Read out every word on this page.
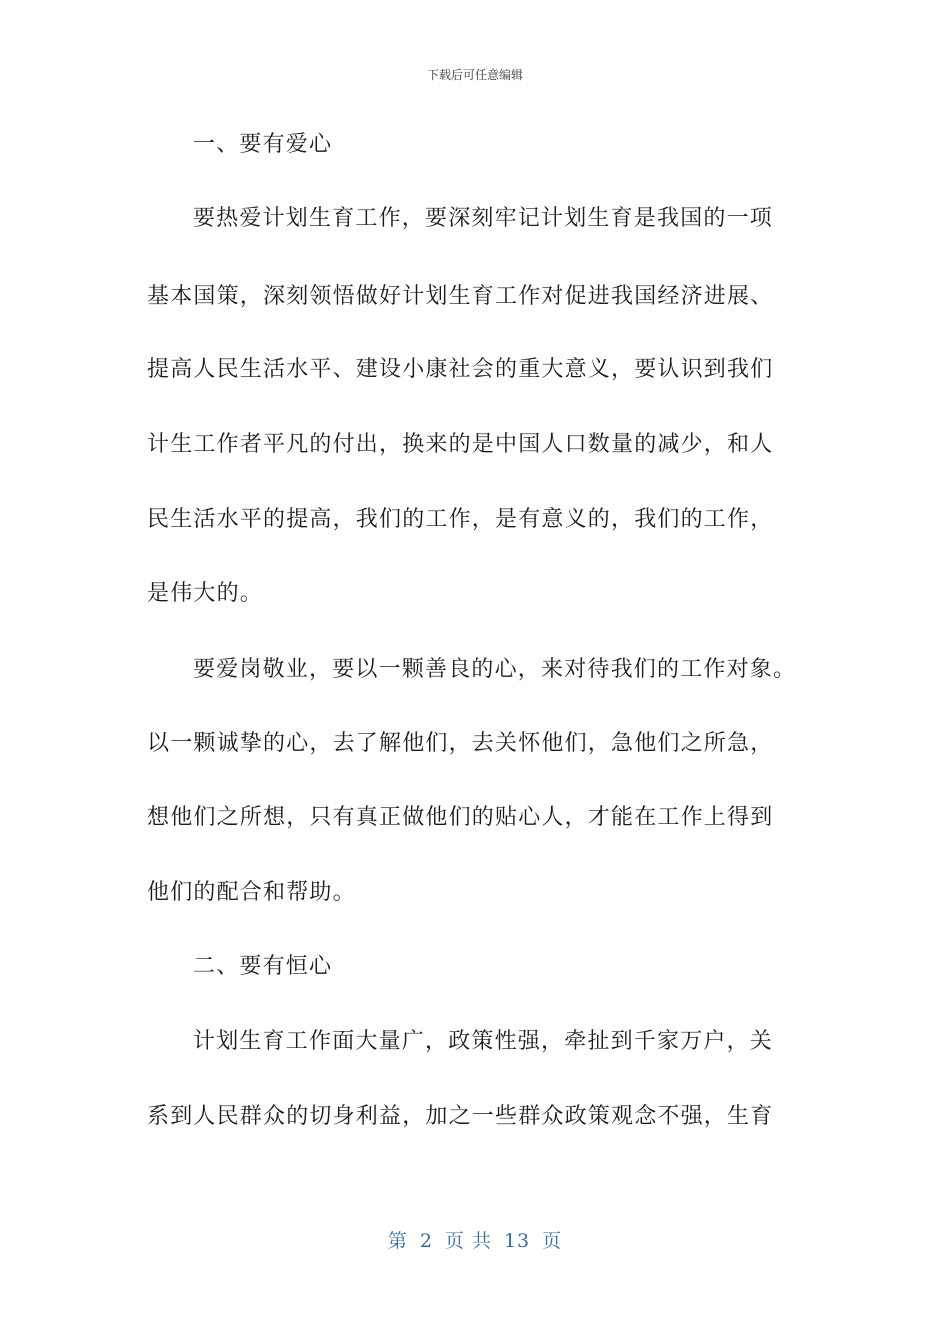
下载后可任意编辑
一、要有爱心
要热爱计划生育工作，要深刻牢记计划生育是我国的一项
基本国策，深刻领悟做好计划生育工作对促进我国经济进展、
提高人民生活水平、建设小康社会的重大意义，要认识到我们
计生工作者平凡的付出，换来的是中国人口数量的减少，和人
民生活水平的提高，我们的工作，是有意义的，我们的工作，
是伟大的。
要爱岗敬业，要以一颗善良的心，来对待我们的工作对象。
以一颗诚挚的心，去了解他们，去关怀他们，急他们之所急，
想他们之所想，只有真正做他们的贴心人，才能在工作上得到
他们的配合和帮助。
二、要有恒心
计划生育工作面大量广，政策性强，牵扯到千家万户，关
系到人民群众的切身利益，加之一些群众政策观念不强，生育
第 2 页 共 13 页
